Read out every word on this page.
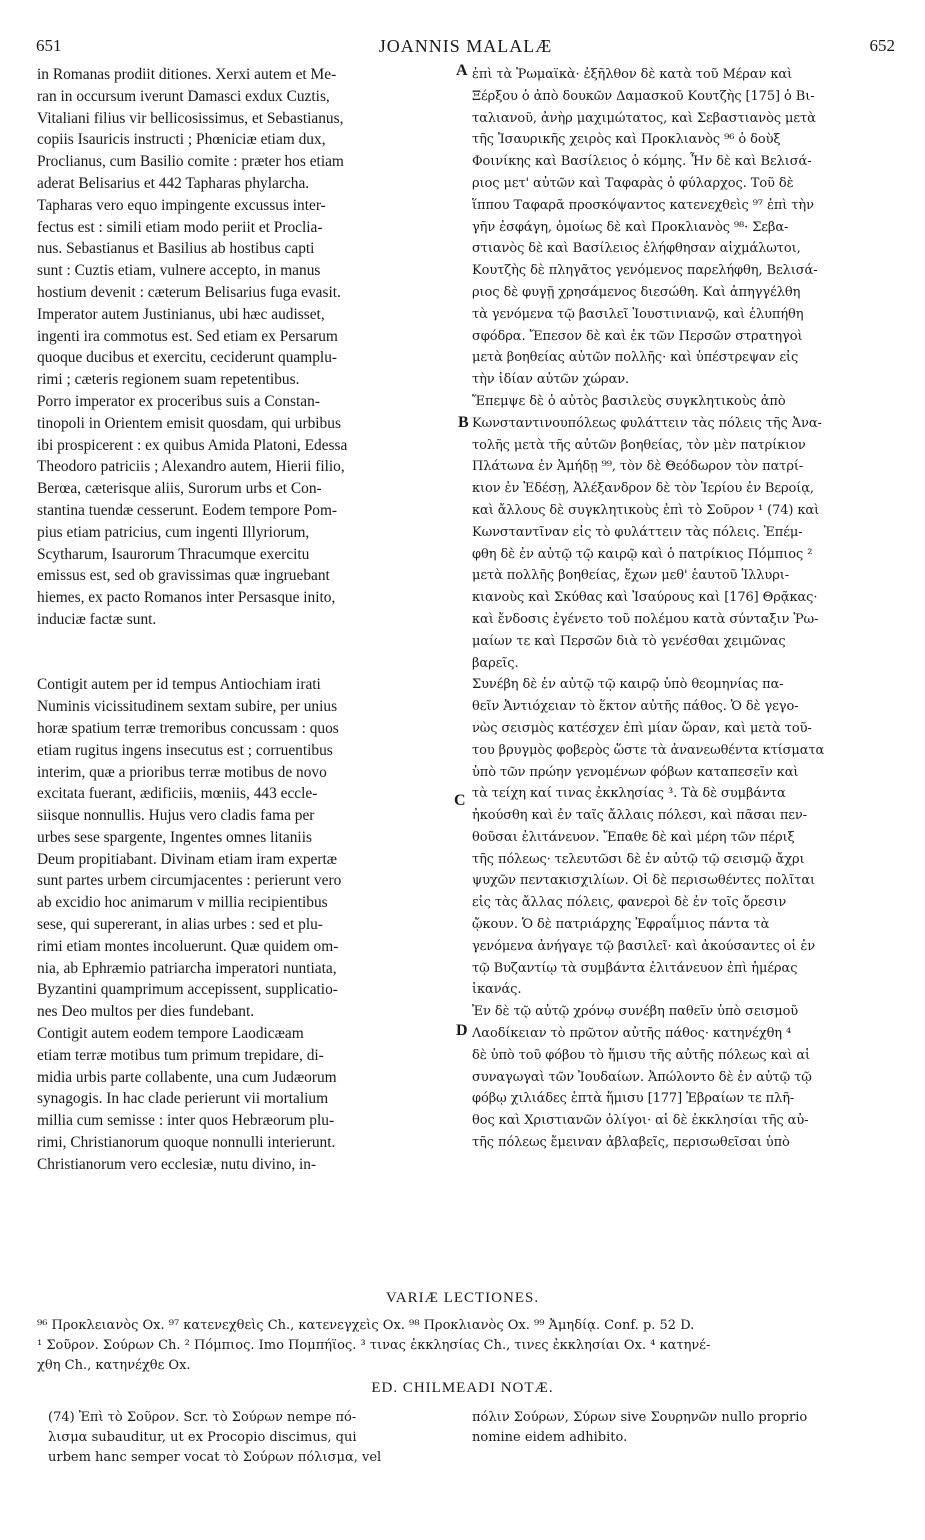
651	JOANNIS MALALÆ	652
in Romanas prodiit ditiones. Xerxi autem et Me-
ran in occursum iverunt Damasci exdux Cuztis,
Vitaliani filius vir bellicosissimus, et Sebastianus,
copiis Isauricis instructi ; Phœniciæ etiam dux,
Proclianus, cum Basilio comite : præter hos etiam
aderat Belisarius et 442 Tapharas phylarcha.
Tapharas vero equo impingente excussus inter-
fectus est : simili etiam modo periit et Proclia-
nus. Sebastianus et Basilius ab hostibus capti
sunt : Cuztis etiam, vulnere accepto, in manus
hostium devenit : cæterum Belisarius fuga evasit.
Imperator autem Justinianus, ubi hæc audisset,
ingenti ira commotus est. Sed etiam ex Persarum
quoque ducibus et exercitu, ceciderunt quamplu-
rimi ; cæteris regionem suam repetentibus.
Porro imperator ex proceribus suis a Constan-
tinopoli in Orientem emisit quosdam, qui urbibus
ibi prospicerent : ex quibus Amida Platoni, Edessa
Theodoro patriciis ; Alexandro autem, Hierii filio,
Berœa, cæterisque aliis, Surorum urbs et Con-
stantina tuendæ cesserunt. Eodem tempore Pom-
pius etiam patricius, cum ingenti Illyriorum,
Scytharum, Isaurorum Thracumque exercitu
emissus est, sed ob gravissimas quæ ingruebant
hiemes, ex pacto Romanos inter Persasque inito,
induciæ factæ sunt.
Contigit autem per id tempus Antiochiam irati
Numinis vicissitudinem sextam subire, per unius
horæ spatium terræ tremoribus concussam : quos
etiam rugitus ingens insecutus est ; corruentibus
interim, quæ a prioribus terræ motibus de novo
excitata fuerant, ædificiis, mœniis, 443 eccle-
siisque nonnullis. Hujus vero cladis fama per
urbes sese spargente, Ingentes omnes litaniis
Deum propitiabant. Divinam etiam iram expertæ
sunt partes urbem circumjacentes : perierunt vero
ab excidio hoc animarum v millia recipientibus
sese, qui supererant, in alias urbes : sed et plu-
rimi etiam montes incoluerunt. Quæ quidem om-
nia, ab Ephræmio patriarcha imperatori nuntiata,
Byzantini quamprimum accepissent, supplicatio-
nes Deo multos per dies fundebant.
Contigit autem eodem tempore Laodicæam
etiam terræ motibus tum primum trepidare, di-
midia urbis parte collabente, una cum Judæorum
synagogis. In hac clade perierunt vii mortalium
millia cum semisse : inter quos Hebræorum plu-
rimi, Christianorum quoque nonnulli interierunt.
Christianorum vero ecclesiæ, nutu divino, in-
ἐπὶ τὰ Ῥωμαϊκὰ· ἐξῆλθον δὲ κατὰ τοῦ Μέραν καὶ
Ξέρξου ὁ ἀπὸ δουκῶν Δαμασκοῦ Κουτζὴς [175] ὁ Βι-
ταλιανοῦ, ἀνὴρ μαχιμώτατος, καὶ Σεβαστιανὸς μετὰ
τῆς Ἰσαυρικῆς χειρὸς καὶ Προκλιανὸς ⁹⁶ ὁ δοὺξ
Φοινίκης καὶ Βασίλειος ὁ κόμης. Ἦν δὲ καὶ Βελισά-
ριος μετ' αὐτῶν καὶ Ταφαρὰς ὁ φύλαρχος. Τοῦ δὲ
ἵππου Ταφαρᾶ προσκόψαντος κατενεχθεὶς ⁹⁷ ἐπὶ τὴν
γῆν ἐσφάγη, ὁμοίως δὲ καὶ Προκλιανὸς ⁹⁸· Σεβα-
στιανὸς δὲ καὶ Βασίλειος ἐλήφθησαν αἰχμάλωτοι,
Κουτζὴς δὲ πληγᾶτος γενόμενος παρελήφθη, Βελισά-
ριος δὲ φυγῇ χρησάμενος διεσώθη. Καὶ ἀπηγγέλθη
τὰ γενόμενα τῷ βασιλεῖ Ἰουστινιανῷ, καὶ ἐλυπήθη
σφόδρα. Ἔπεσον δὲ καὶ ἐκ τῶν Περσῶν στρατηγοὶ
μετὰ βοηθείας αὐτῶν πολλῆς· καὶ ὑπέστρεψαν εἰς
τὴν ἰδίαν αὐτῶν χώραν.
Ἔπεμψε δὲ ὁ αὐτὸς βασιλεὺς συγκλητικοὺς ἀπὸ
Κωνσταντινουπόλεως φυλάττειν τὰς πόλεις τῆς Ἀνα-
τολῆς μετὰ τῆς αὐτῶν βοηθείας, τὸν μὲν πατρίκιον
Πλάτωνα ἐν Ἀμήδῃ ⁹⁹, τὸν δὲ Θεόδωρον τὸν πατρί-
κιον ἐν Ἐδέσῃ, Ἀλέξανδρον δὲ τὸν Ἱερίου ἐν Βεροίᾳ,
καὶ ἄλλους δὲ συγκλητικοὺς ἐπὶ τὸ Σοῦρον ¹ (74) καὶ
Κωνσταντῖναν εἰς τὸ φυλάττειν τὰς πόλεις. Ἐπέμ-
φθη δὲ ἐν αὐτῷ τῷ καιρῷ καὶ ὁ πατρίκιος Πόμπιος ²
μετὰ πολλῆς βοηθείας, ἔχων μεθ' ἑαυτοῦ Ἰλλυρι-
κιανοὺς καὶ Σκύθας καὶ Ἰσαύρους καὶ [176] Θρᾷκας·
καὶ ἔνδοσις ἐγένετο τοῦ πολέμου κατὰ σύνταξιν Ῥω-
μαίων τε καὶ Περσῶν διὰ τὸ γενέσθαι χειμῶνας
βαρεῖς.
Συνέβη δὲ ἐν αὐτῷ τῷ καιρῷ ὑπὸ θεομηνίας πα-
θεῖν Ἀντιόχειαν τὸ ἕκτον αὐτῆς πάθος. Ὁ δὲ γεγο-
νὼς σεισμὸς κατέσχεν ἐπὶ μίαν ὥραν, καὶ μετὰ τοῦ-
του βρυγμὸς φοβερὸς ὥστε τὰ ἀνανεωθέντα κτίσματα
ὑπὸ τῶν πρώην γενομένων φόβων καταπεσεῖν καὶ
τὰ τείχη καί τινας ἐκκλησίας ³. Τὰ δὲ συμβάντα
ἠκούσθη καὶ ἐν ταῖς ἄλλαις πόλεσι, καὶ πᾶσαι πεν-
θοῦσαι ἐλιτάνευον. Ἔπαθε δὲ καὶ μέρη τῶν πέριξ
τῆς πόλεως· τελευτῶσι δὲ ἐν αὐτῷ τῷ σεισμῷ ἄχρι
ψυχῶν πεντακισχιλίων. Οἱ δὲ περισωθέντες πολῖται
εἰς τὰς ἄλλας πόλεις, φανεροὶ δὲ ἐν τοῖς ὄρεσιν
ᾤκουν. Ὁ δὲ πατριάρχης Ἐφραΐμιος πάντα τὰ
γενόμενα ἀνήγαγε τῷ βασιλεῖ· καὶ ἀκούσαντες οἱ ἐν
τῷ Βυζαντίῳ τὰ συμβάντα ἐλιτάνευον ἐπὶ ἡμέρας
ἱκανάς.
Ἐν δὲ τῷ αὐτῷ χρόνῳ συνέβη παθεῖν ὑπὸ σεισμοῦ
Λαοδίκειαν τὸ πρῶτον αὐτῆς πάθος· κατηνέχθη ⁴
δὲ ὑπὸ τοῦ φόβου τὸ ἥμισυ τῆς αὐτῆς πόλεως καὶ αἱ
συναγωγαὶ τῶν Ἰουδαίων. Ἀπώλοντο δὲ ἐν αὐτῷ τῷ
φόβῳ χιλιάδες ἑπτὰ ἥμισυ [177] Ἑβραίων τε πλῆ-
θος καὶ Χριστιανῶν ὀλίγοι· αἱ δὲ ἐκκλησίαι τῆς αὐ-
τῆς πόλεως ἔμειναν ἀβλαβεῖς, περισωθεῖσαι ὑπὸ
A
B
C
D
VARIÆ LECTIONES.
⁹⁶ Προκλειανὸς Ox. ⁹⁷ κατενεχθεὶς Ch., κατενεγχεὶς Ox. ⁹⁸ Προκλιανὸς Ox. ⁹⁹ Ἀμηδίᾳ. Conf. p. 52 D.
¹ Σοῦρον. Σούρων Ch. ² Πόμπιος. Imo Πομπήϊος. ³ τινας ἐκκλησίας Ch., τινες ἐκκλησίαι Ox. ⁴ κατηνέ-
χθη Ch., κατηνέχθε Ox.
ED. CHILMEADI NOTÆ.
(74) Ἐπὶ τὸ Σοῦρον. Scr. τὸ Σούρων nempe πό-
λισμα subauditur, ut ex Procopio discimus, qui
urbem hanc semper vocat τὸ Σούρων πόλισμα, vel
πόλιν Σούρων, Σύρων sive Σουρηνῶν nullo proprio
nomine eidem adhibito.
